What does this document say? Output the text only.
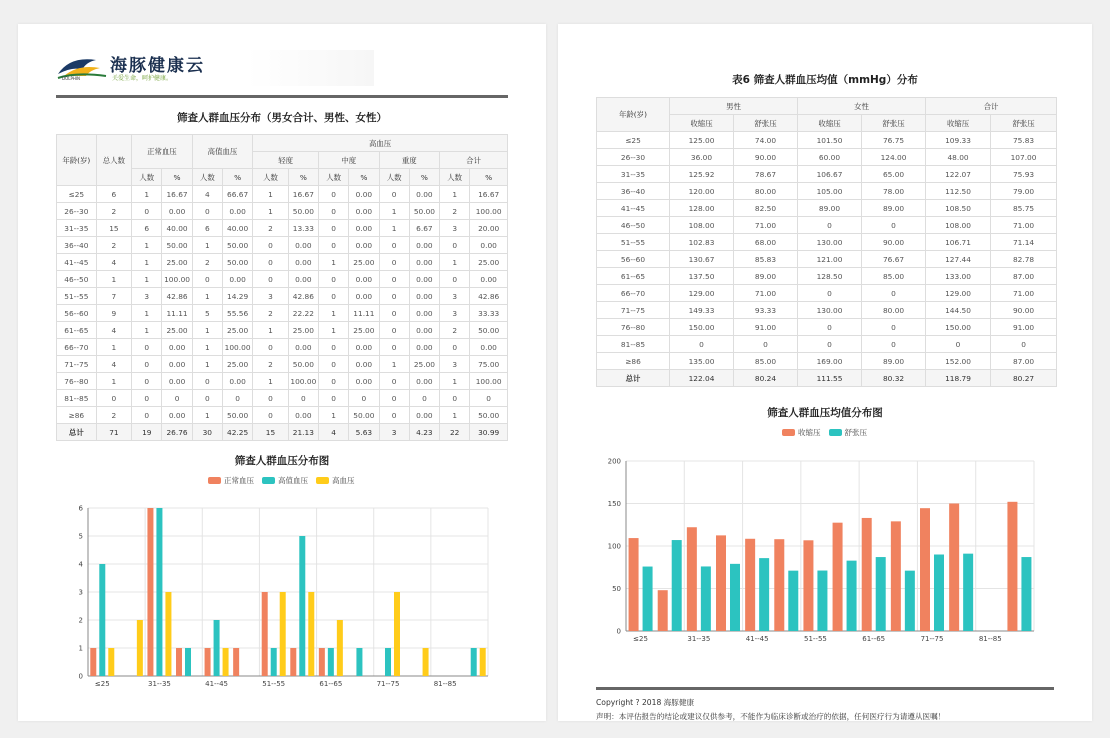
DOLPHIN
海豚健康云
关爱生命，呵护健康。
筛查人群血压分布（男女合计、男性、女性）
年龄(岁)	总人数	正常血压		高值血压		高血压							
						轻度		中度		重度		合计	
		人数	%	人数	%	人数	%	人数	%	人数	%	人数	%
≤25	6	1	16.67	4	66.67	1	16.67	0	0.00	0	0.00	1	16.67
26--30	2	0	0.00	0	0.00	1	50.00	0	0.00	1	50.00	2	100.00
31--35	15	6	40.00	6	40.00	2	13.33	0	0.00	1	6.67	3	20.00
36--40	2	1	50.00	1	50.00	0	0.00	0	0.00	0	0.00	0	0.00
41--45	4	1	25.00	2	50.00	0	0.00	1	25.00	0	0.00	1	25.00
46--50	1	1	100.00	0	0.00	0	0.00	0	0.00	0	0.00	0	0.00
51--55	7	3	42.86	1	14.29	3	42.86	0	0.00	0	0.00	3	42.86
56--60	9	1	11.11	5	55.56	2	22.22	1	11.11	0	0.00	3	33.33
61--65	4	1	25.00	1	25.00	1	25.00	1	25.00	0	0.00	2	50.00
66--70	1	0	0.00	1	100.00	0	0.00	0	0.00	0	0.00	0	0.00
71--75	4	0	0.00	1	25.00	2	50.00	0	0.00	1	25.00	3	75.00
76--80	1	0	0.00	0	0.00	1	100.00	0	0.00	0	0.00	1	100.00
81--85	0	0	0	0	0	0	0	0	0	0	0	0	0
≥86	2	0	0.00	1	50.00	0	0.00	1	50.00	0	0.00	1	50.00
总计	71	19	26.76	30	42.25	15	21.13	4	5.63	3	4.23	22	30.99
筛查人群血压分布图
正常血压	高值血压	高血压
0
1
2
3
4
5
6
≤25	31--35	41--45	51--55	61--65	71--75	81--85
表6 筛查人群血压均值（mmHg）分布
年龄(岁)	男性		女性		合计	
	收缩压	舒张压	收缩压	舒张压	收缩压	舒张压
≤25	125.00	74.00	101.50	76.75	109.33	75.83
26--30	36.00	90.00	60.00	124.00	48.00	107.00
31--35	125.92	78.67	106.67	65.00	122.07	75.93
36--40	120.00	80.00	105.00	78.00	112.50	79.00
41--45	128.00	82.50	89.00	89.00	108.50	85.75
46--50	108.00	71.00	0	0	108.00	71.00
51--55	102.83	68.00	130.00	90.00	106.71	71.14
56--60	130.67	85.83	121.00	76.67	127.44	82.78
61--65	137.50	89.00	128.50	85.00	133.00	87.00
66--70	129.00	71.00	0	0	129.00	71.00
71--75	149.33	93.33	130.00	80.00	144.50	90.00
76--80	150.00	91.00	0	0	150.00	91.00
81--85	0	0	0	0	0	0
≥86	135.00	85.00	169.00	89.00	152.00	87.00
总计	122.04	80.24	111.55	80.32	118.79	80.27
筛查人群血压均值分布图
收缩压	舒张压
0
50
100
150
200
≤25	31--35	41--45	51--55	61--65	71--75	81--85
Copyright ? 2018 海豚健康
声明：本评估报告的结论或建议仅供参考，不能作为临床诊断或治疗的依据，任何医疗行为请遵从医嘱！
